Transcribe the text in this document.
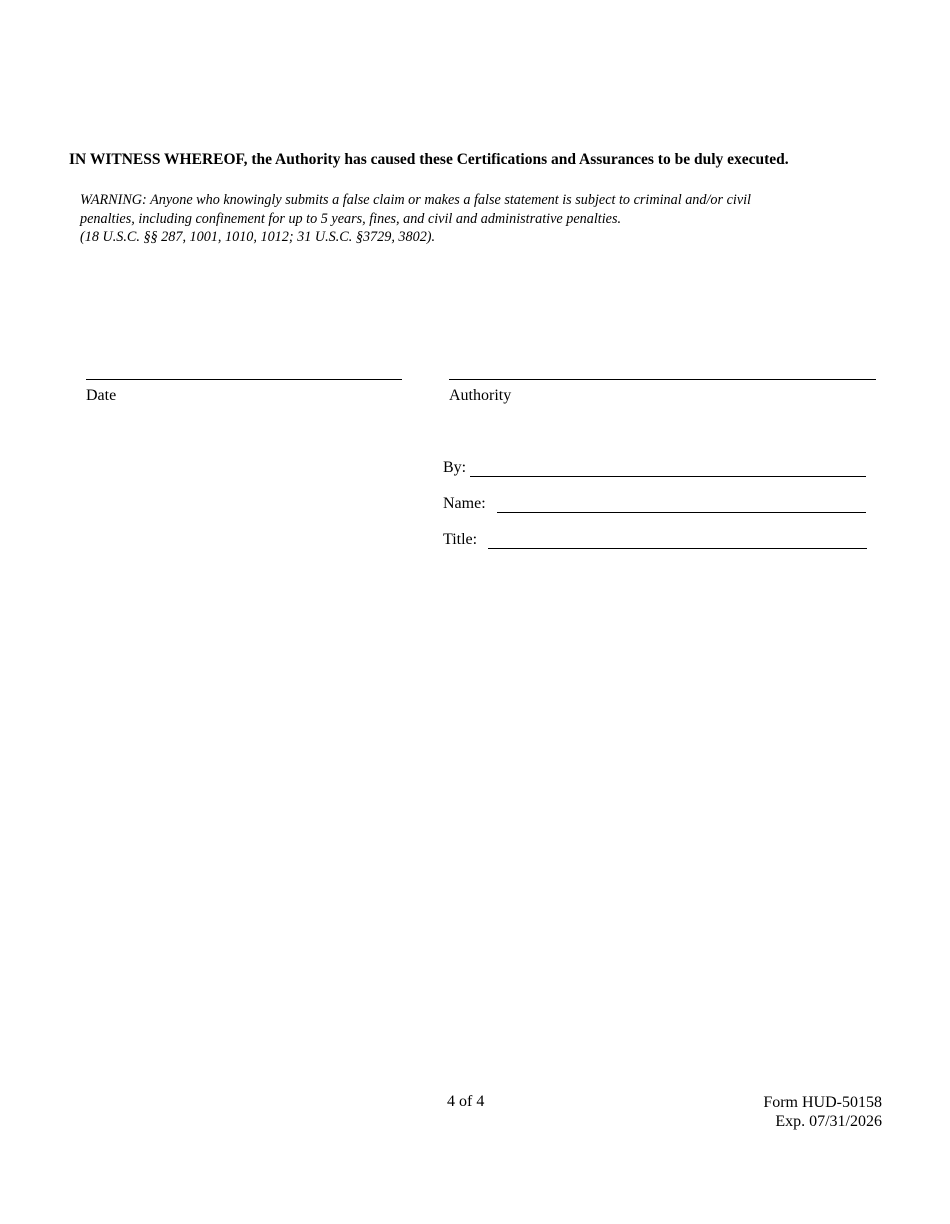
IN WITNESS WHEREOF, the Authority has caused these Certifications and Assurances to be duly executed.
WARNING: Anyone who knowingly submits a false claim or makes a false statement is subject to criminal and/or civil
penalties, including confinement for up to 5 years, fines, and civil and administrative penalties.
(18 U.S.C. §§ 287, 1001, 1010, 1012; 31 U.S.C. §3729, 3802).
Date	Authority
By:
Name:
Title:
4 of 4	Form HUD-50158
Exp. 07/31/2026
